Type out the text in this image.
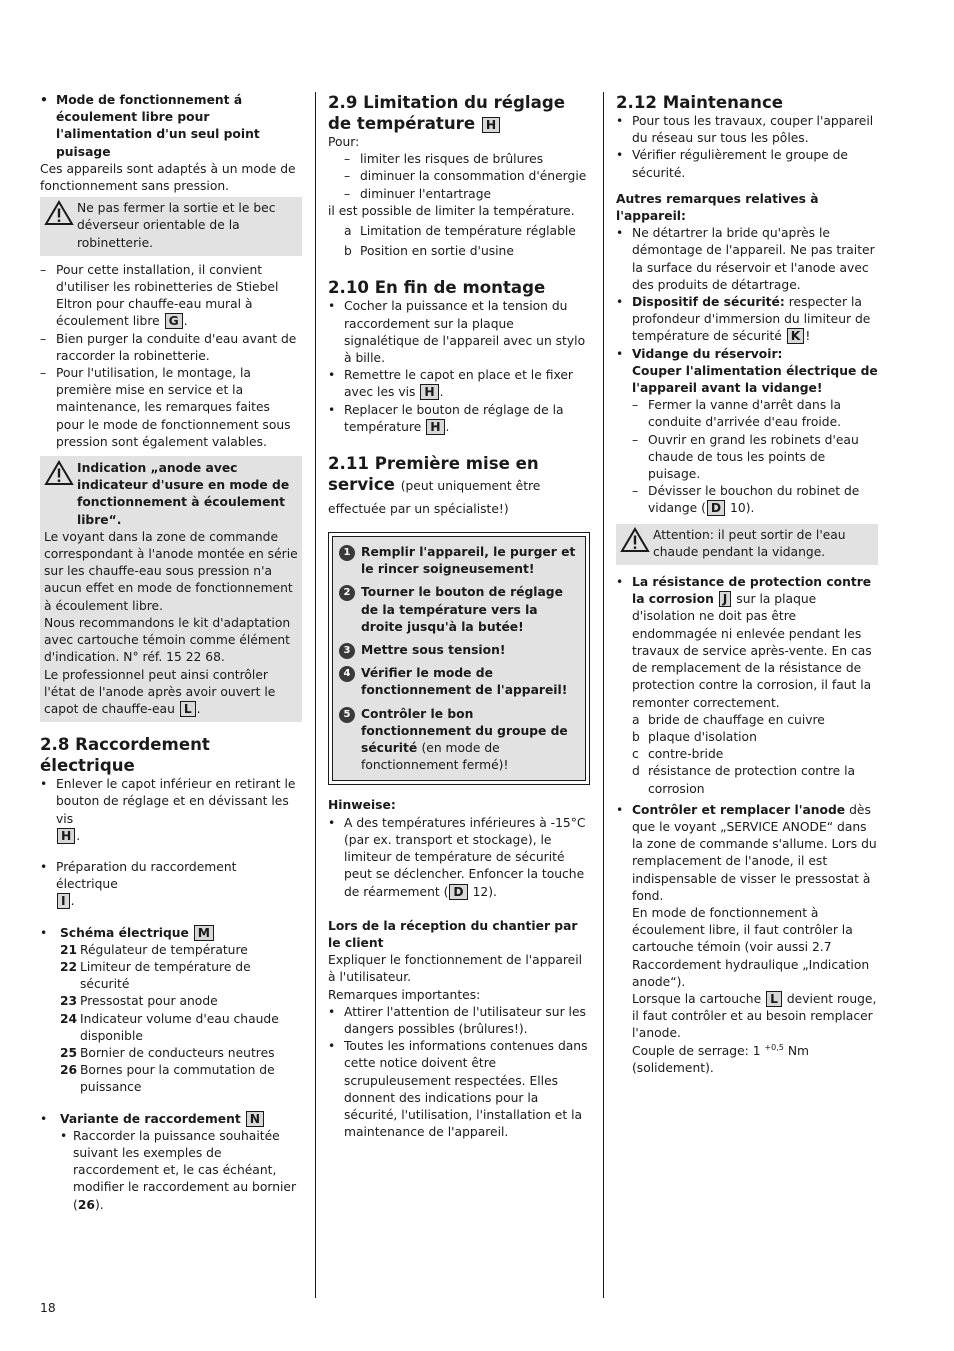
• Mode de fonctionnement á écoulement libre pour l'alimentation d'un seul point puisage

Ces appareils sont adaptés à un mode de fonctionnement sans pression.

Ne pas fermer la sortie et le bec déverseur orientable de la robinetterie.
– Pour cette installation, il convient d'utiliser les robinetteries de Stiebel Eltron pour chauffe-eau mural à écoulement libre G .
– Bien purger la conduite d'eau avant de raccorder la robinetterie.
– Pour l'utilisation, le montage, la première mise en service et la maintenance, les remarques faites pour le mode de fonctionnement sous pression sont également valables.
Indication „anode avec indicateur d'usure en mode de fonctionnement à écoulement libre“.

Le voyant dans la zone de commande correspondant à l'anode montée en série sur les chauffe-eau sous pression n'a aucun effet en mode de fonctionnement à écoulement libre.

Nous recommandons le kit d'adaptation avec cartouche témoin comme élément d'indication. N° réf. 15 22 68.

Le professionnel peut ainsi contrôler l'état de l'anode après avoir ouvert le capot de chauffe-eau L .

2.8 Raccordement électrique

• Enlever le capot inférieur en retirant le bouton de réglage et en dévissant les vis
H .
• Préparation du raccordement électrique
I .
• Schéma électrique M
21 Régulateur de température
22 Limiteur de température de sécurité
23 Pressostat pour anode
24 Indicateur volume d'eau chaude disponible
25 Bornier de conducteurs neutres
26 Bornes pour la commutation de puissance
• Variante de raccordement N
• Raccorder la puissance souhaitée suivant les exemples de raccordement et, le cas échéant, modifier le raccordement au bornier (26).

2.9 Limitation du réglage de température H

Pour:

– limiter les risques de brûlures
– diminuer la consommation d'énergie
– diminuer l'entartrage

il est possible de limiter la température.

a Limitation de température réglable
b Position en sortie d'usine

2.10 En fin de montage

• Cocher la puissance et la tension du raccordement sur la plaque signalétique de l'appareil avec un stylo à bille.
• Remettre le capot en place et le fixer avec les vis H .
• Replacer le bouton de réglage de la température H .

2.11 Première mise en service (peut uniquement être effectuée par un spécialiste!)

1 Remplir l'appareil, le purger et le rincer soigneusement!
2 Tourner le bouton de réglage de la température vers la droite jusqu'à la butée!
3 Mettre sous tension!
4 Vérifier le mode de fonctionnement de l'appareil!
5 Contrôler le bon fonctionnement du groupe de sécurité (en mode de fonctionnement fermé)!

Hinweise:

• A des températures inférieures à -15°C (par ex. transport et stockage), le limiteur de température de sécurité peut se déclencher. Enfoncer la touche de réarmement ( D 12).

Lors de la réception du chantier par le client

Expliquer le fonctionnement de l'appareil à l'utilisateur.

Remarques importantes:

• Attirer l'attention de l'utilisateur sur les dangers possibles (brûlures!).
• Toutes les informations contenues dans cette notice doivent être scrupuleusement respectées. Elles donnent des indications pour la sécurité, l'utilisation, l'installation et la maintenance de l'appareil.

2.12 Maintenance

• Pour tous les travaux, couper l'appareil du réseau sur tous les pôles.
• Vérifier régulièrement le groupe de sécurité.

Autres remarques relatives à l'appareil:

• Ne détartrer la bride qu'après le démontage de l'appareil. Ne pas traiter la surface du réservoir et l'anode avec des produits de détartrage.
• Dispositif de sécurité: respecter la profondeur d'immersion du limiteur de température de sécurité K !
• Vidange du réservoir:
Couper l'alimentation électrique de l'appareil avant la vidange!
– Fermer la vanne d'arrêt dans la conduite d'arrivée d'eau froide.
– Ouvrir en grand les robinets d'eau chaude de tous les points de puisage.
– Dévisser le bouchon du robinet de vidange ( D 10).
Attention: il peut sortir de l'eau chaude pendant la vidange.
• La résistance de protection contre la corrosion J sur la plaque d'isolation ne doit pas être endommagée ni enlevée pendant les travaux de service après-vente. En cas de remplacement de la résistance de protection contre la corrosion, il faut la remonter correctement.
a bride de chauffage en cuivre
b plaque d'isolation
c contre-bride
d résistance de protection contre la corrosion
• Contrôler et remplacer l'anode dès que le voyant „SERVICE ANODE“ dans la zone de commande s'allume. Lors du remplacement de l'anode, il est indispensable de visser le pressostat à fond.

En mode de fonctionnement à écoulement libre, il faut contrôler la cartouche témoin (voir aussi 2.7 Raccordement hydraulique „Indication anode“).

Lorsque la cartouche L devient rouge, il faut contrôler et au besoin remplacer l'anode.

Couple de serrage: 1 $^{+0,5}$ Nm (solidement).

18
